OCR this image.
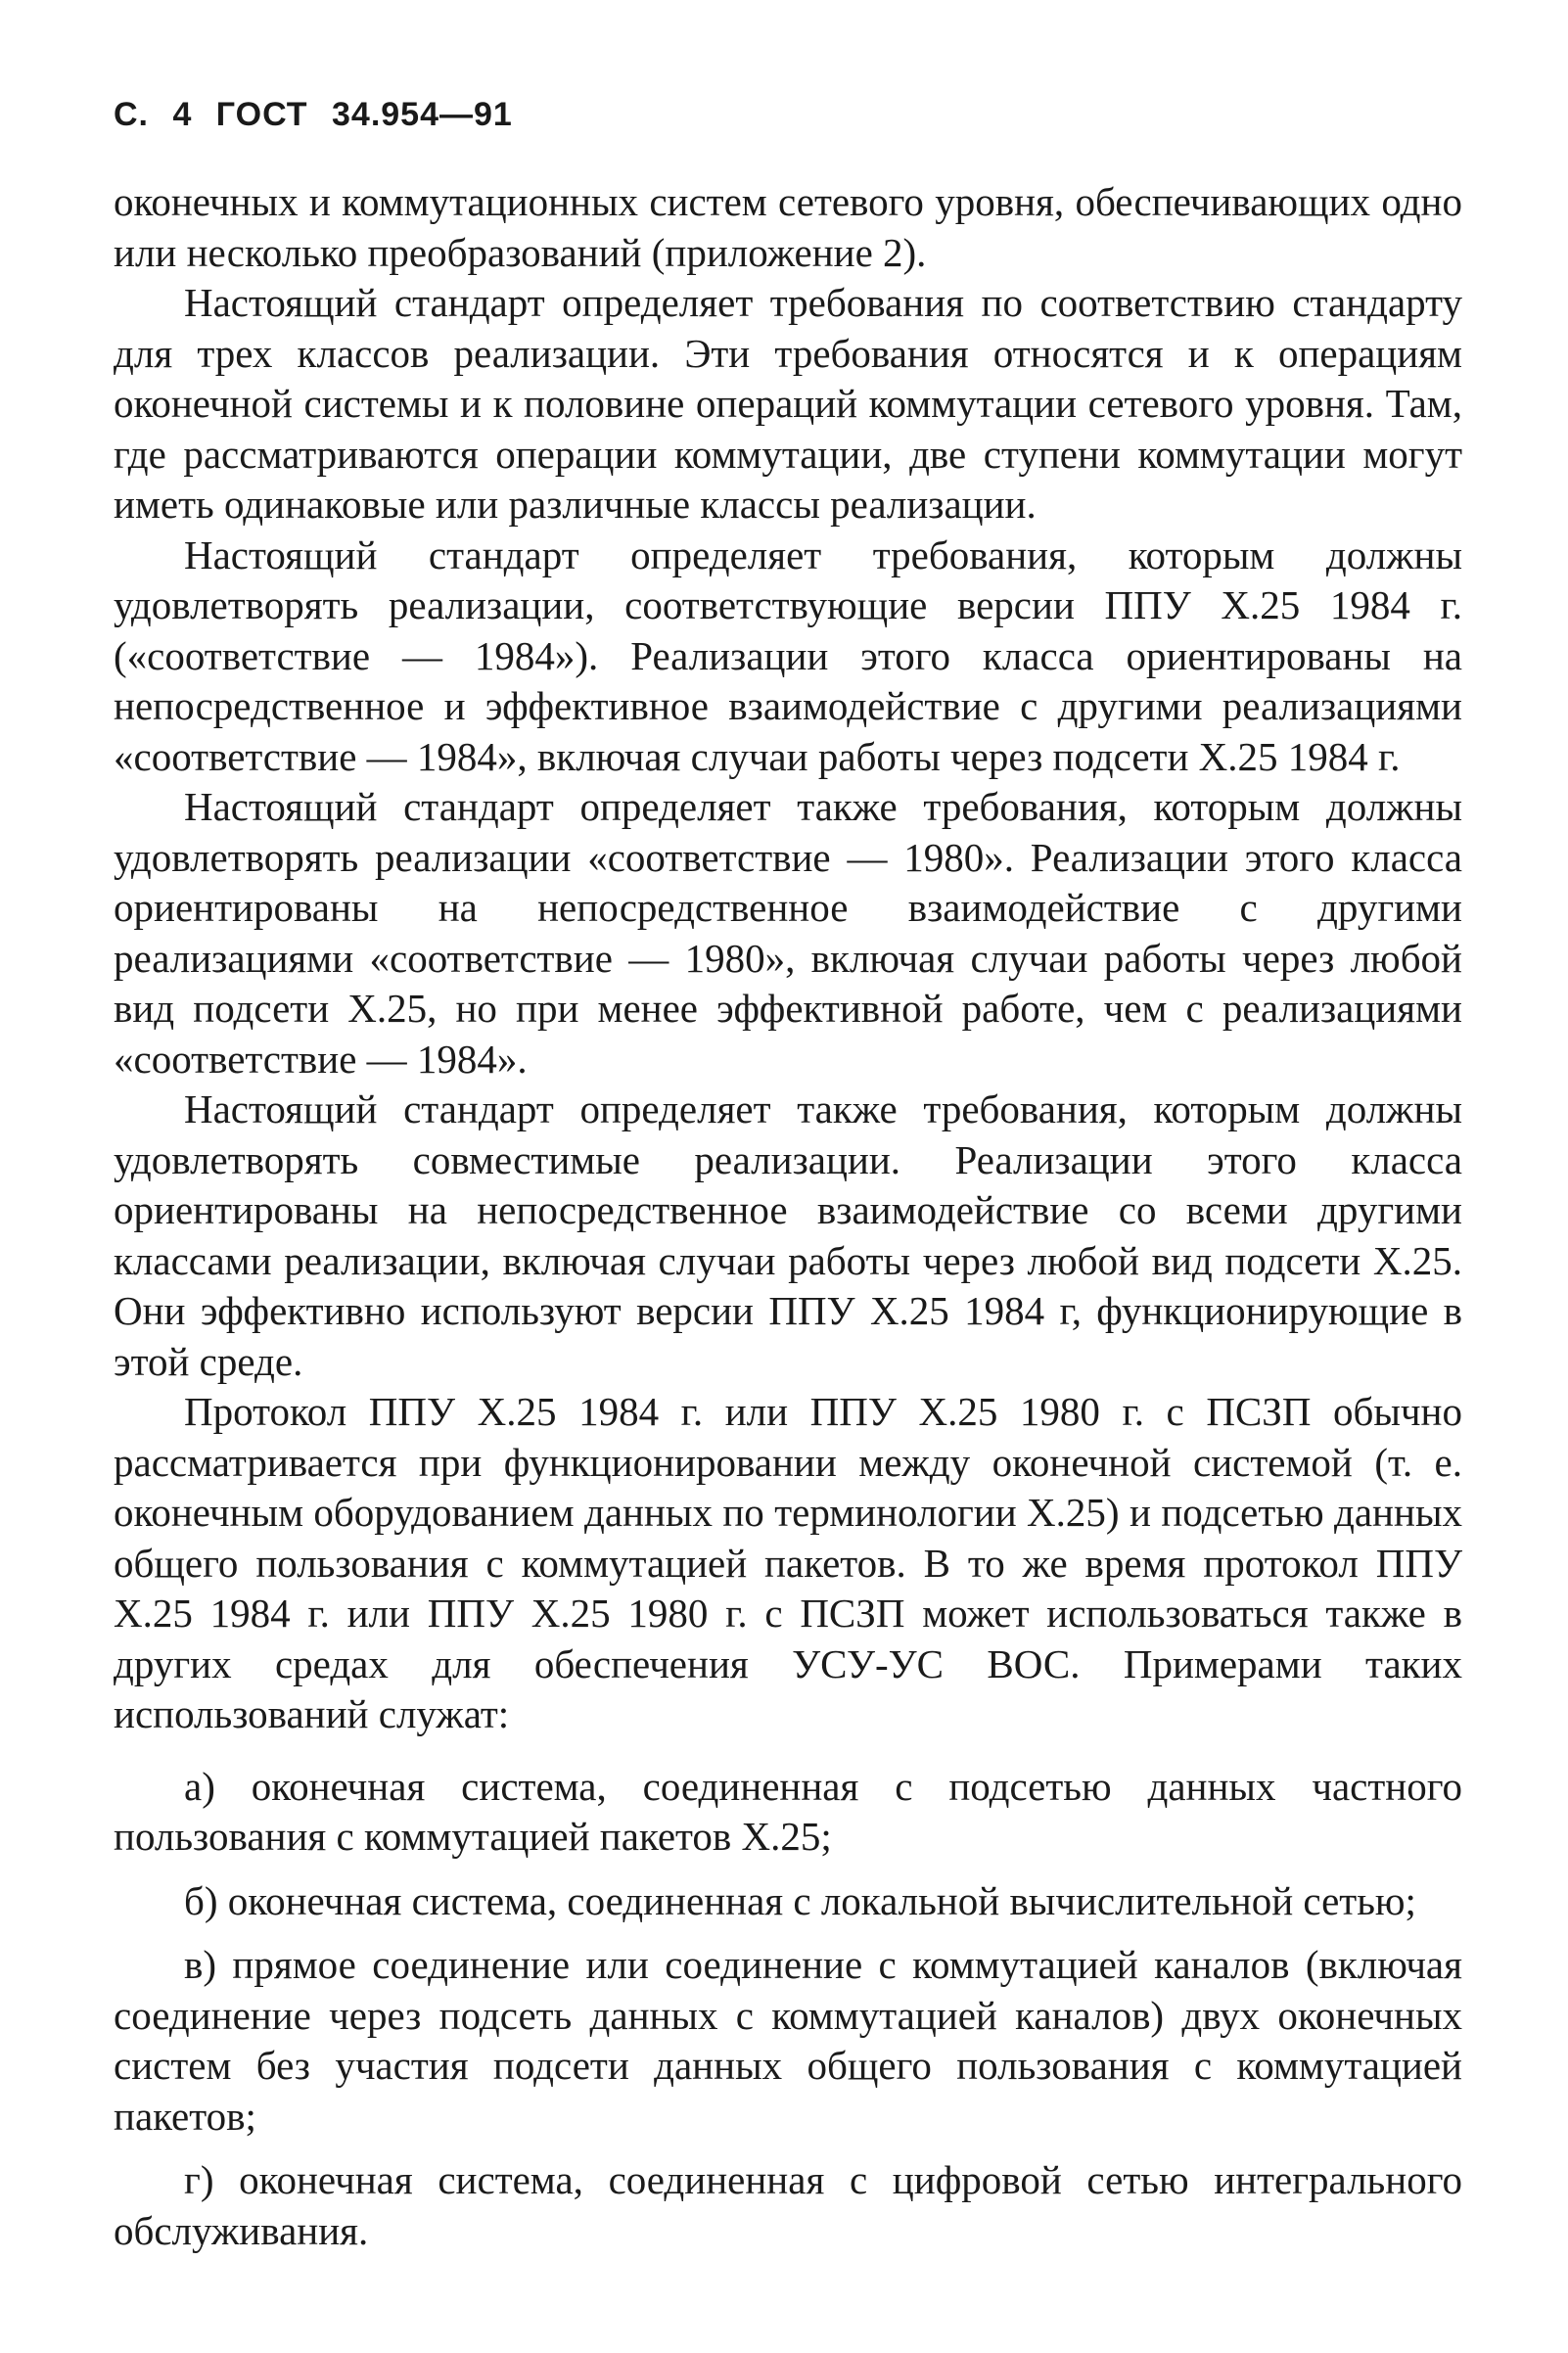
С. 4 ГОСТ 34.954—91

оконечных и коммутационных систем сетевого уровня, обеспечивающих одно или несколько преобразований (приложение 2).

Настоящий стандарт определяет требования по соответствию стандарту для трех классов реализации. Эти требования относятся и к операциям оконечной системы и к половине операций коммутации сетевого уровня. Там, где рассматриваются операции коммутации, две ступени коммутации могут иметь одинаковые или различные классы реализации.

Настоящий стандарт определяет требования, которым должны удовлетворять реализации, соответствующие версии ППУ Х.25 1984 г. («соответствие — 1984»). Реализации этого класса ориентированы на непосредственное и эффективное взаимодействие с другими реализациями «соответствие — 1984», включая случаи работы через подсети Х.25 1984 г.

Настоящий стандарт определяет также требования, которым должны удовлетворять реализации «соответствие — 1980». Реализации этого класса ориентированы на непосредственное взаимодействие с другими реализациями «соответствие — 1980», включая случаи работы через любой вид подсети Х.25, но при менее эффективной работе, чем с реализациями «соответствие — 1984».

Настоящий стандарт определяет также требования, которым должны удовлетворять совместимые реализации. Реализации этого класса ориентированы на непосредственное взаимодействие со всеми другими классами реализации, включая случаи работы через любой вид подсети Х.25. Они эффективно используют версии ППУ Х.25 1984 г, функционирующие в этой среде.

Протокол ППУ Х.25 1984 г. или ППУ Х.25 1980 г. с ПСЗП обычно рассматривается при функционировании между оконечной системой (т. е. оконечным оборудованием данных по терминологии Х.25) и подсетью данных общего пользования с коммутацией пакетов. В то же время протокол ППУ Х.25 1984 г. или ППУ Х.25 1980 г. с ПСЗП может использоваться также в других средах для обеспечения УСУ-УС ВОС. Примерами таких использований служат:

а) оконечная система, соединенная с подсетью данных частного пользования с коммутацией пакетов Х.25;

б) оконечная система, соединенная с локальной вычислительной сетью;

в) прямое соединение или соединение с коммутацией каналов (включая соединение через подсеть данных с коммутацией каналов) двух оконечных систем без участия подсети данных общего пользования с коммутацией пакетов;

г) оконечная система, соединенная с цифровой сетью интегрального обслуживания.
